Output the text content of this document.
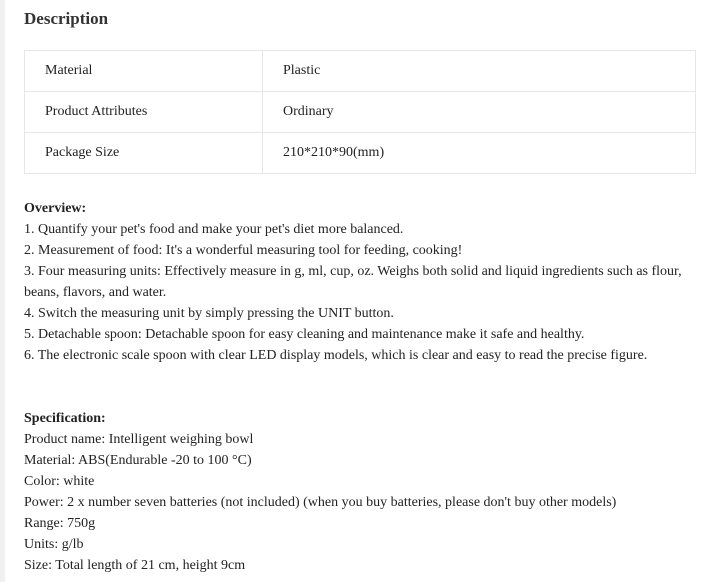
Description
Material	Plastic
Product Attributes	Ordinary
Package Size	210*210*90(mm)

Overview:

1. Quantify your pet's food and make your pet's diet more balanced.

2. Measurement of food: It's a wonderful measuring tool for feeding, cooking!

3. Four measuring units: Effectively measure in g, ml, cup, oz. Weighs both solid and liquid ingredients such as flour, beans, flavors, and water.

4. Switch the measuring unit by simply pressing the UNIT button.

5. Detachable spoon: Detachable spoon for easy cleaning and maintenance make it safe and healthy.

6. The electronic scale spoon with clear LED display models, which is clear and easy to read the precise figure.

Specification:

Product name: Intelligent weighing bowl

Material: ABS(Endurable -20 to 100 °C)

Color: white

Power: 2 x number seven batteries (not included) (when you buy batteries, please don't buy other models)

Range: 750g

Units: g/lb

Size: Total length of 21 cm, height 9cm
